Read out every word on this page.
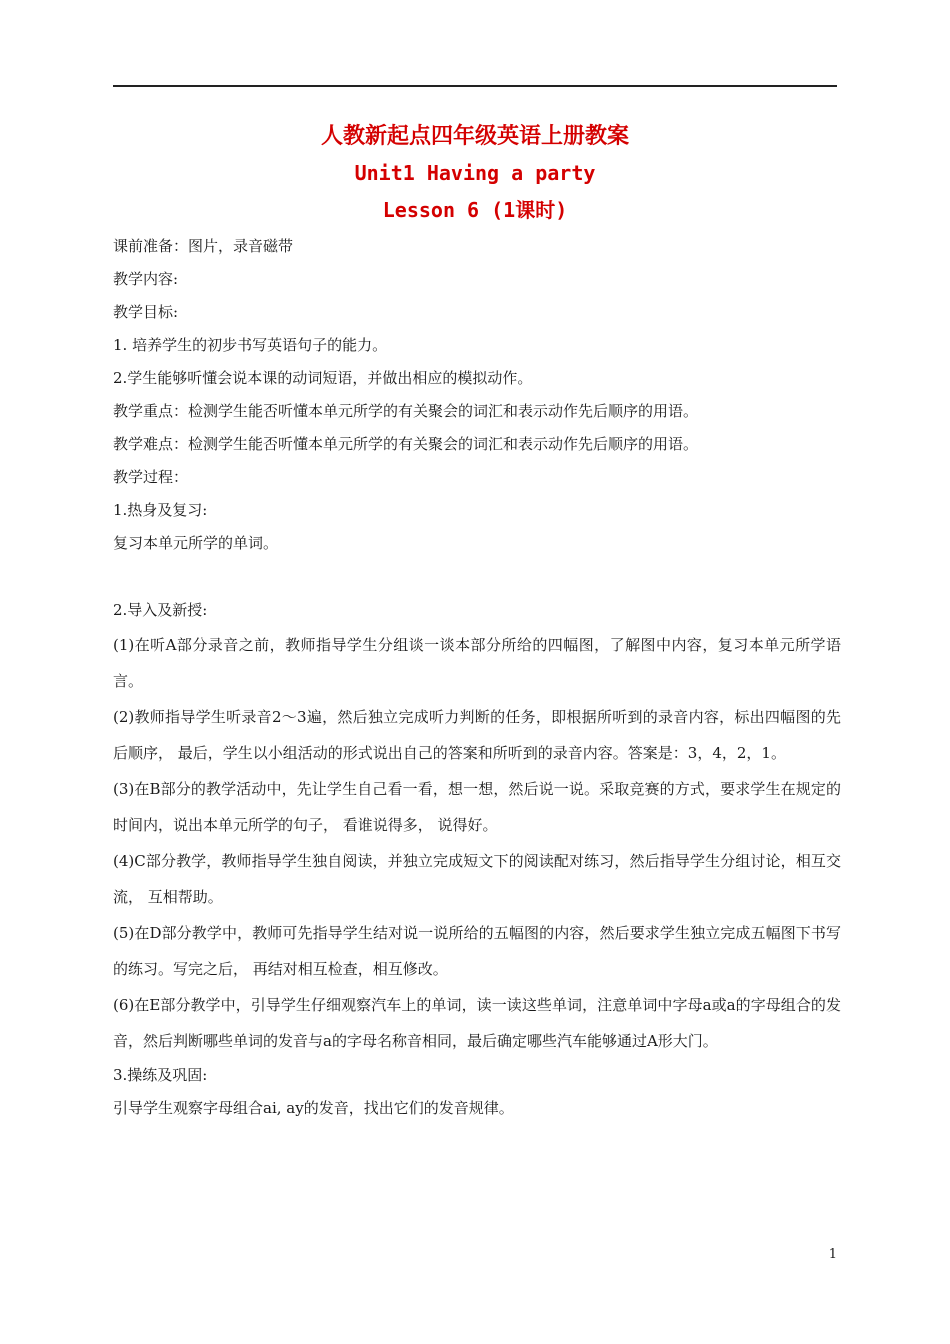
人教新起点四年级英语上册教案
Unit1 Having a party
Lesson 6 (1课时)

课前准备：图片，录音磁带

教学内容:

教学目标:

1. 培养学生的初步书写英语句子的能力。

2.学生能够听懂会说本课的动词短语，并做出相应的模拟动作。

教学重点：检测学生能否听懂本单元所学的有关聚会的词汇和表示动作先后顺序的用语。

教学难点：检测学生能否听懂本单元所学的有关聚会的词汇和表示动作先后顺序的用语。

教学过程：

1.热身及复习:

复习本单元所学的单词。

2.导入及新授:

(1)在听A部分录音之前，教师指导学生分组谈一谈本部分所给的四幅图，了解图中内容，复习本单元所学语言。

(2)教师指导学生听录音2～3遍，然后独立完成听力判断的任务，即根据所听到的录音内容，标出四幅图的先后顺序， 最后，学生以小组活动的形式说出自己的答案和所听到的录音内容。答案是：3，4，2，1。

(3)在B部分的教学活动中，先让学生自己看一看，想一想，然后说一说。采取竞赛的方式，要求学生在规定的时间内，说出本单元所学的句子， 看谁说得多， 说得好。

(4)C部分教学，教师指导学生独自阅读，并独立完成短文下的阅读配对练习，然后指导学生分组讨论，相互交流， 互相帮助。

(5)在D部分教学中，教师可先指导学生结对说一说所给的五幅图的内容，然后要求学生独立完成五幅图下书写的练习。写完之后， 再结对相互检查，相互修改。

(6)在E部分教学中，引导学生仔细观察汽车上的单词，读一读这些单词，注意单词中字母a或a的字母组合的发音，然后判断哪些单词的发音与a的字母名称音相同，最后确定哪些汽车能够通过A形大门。

3.操练及巩固:

引导学生观察字母组合ai, ay的发音，找出它们的发音规律。

1
